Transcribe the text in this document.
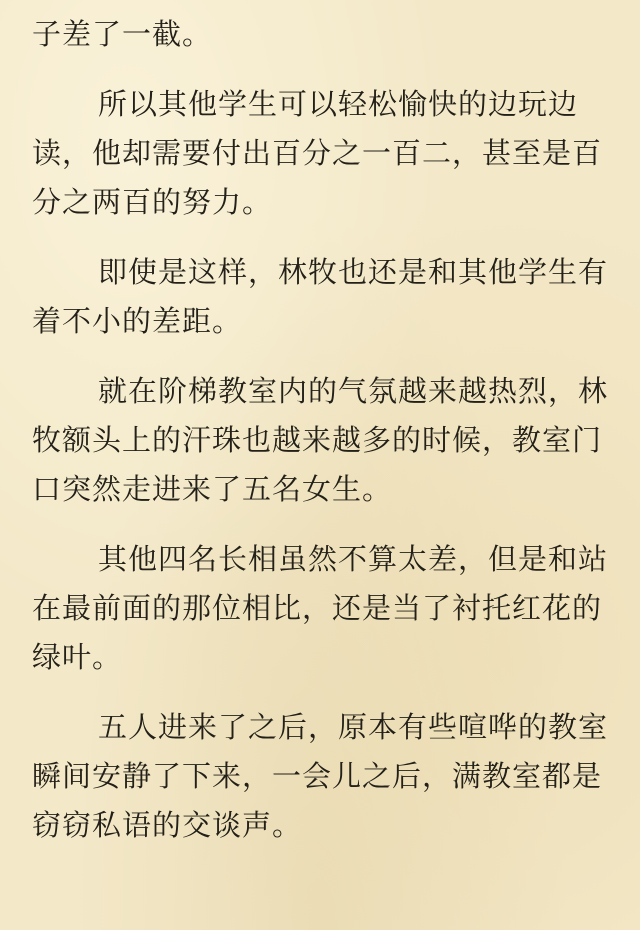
子差了一截。

所以其他学生可以轻松愉快的边玩边读，他却需要付出百分之一百二，甚至是百分之两百的努力。

即使是这样，林牧也还是和其他学生有着不小的差距。

就在阶梯教室内的气氛越来越热烈，林牧额头上的汗珠也越来越多的时候，教室门口突然走进来了五名女生。

其他四名长相虽然不算太差，但是和站在最前面的那位相比，还是当了衬托红花的绿叶。

五人进来了之后，原本有些喧哗的教室瞬间安静了下来，一会儿之后，满教室都是窃窃私语的交谈声。
